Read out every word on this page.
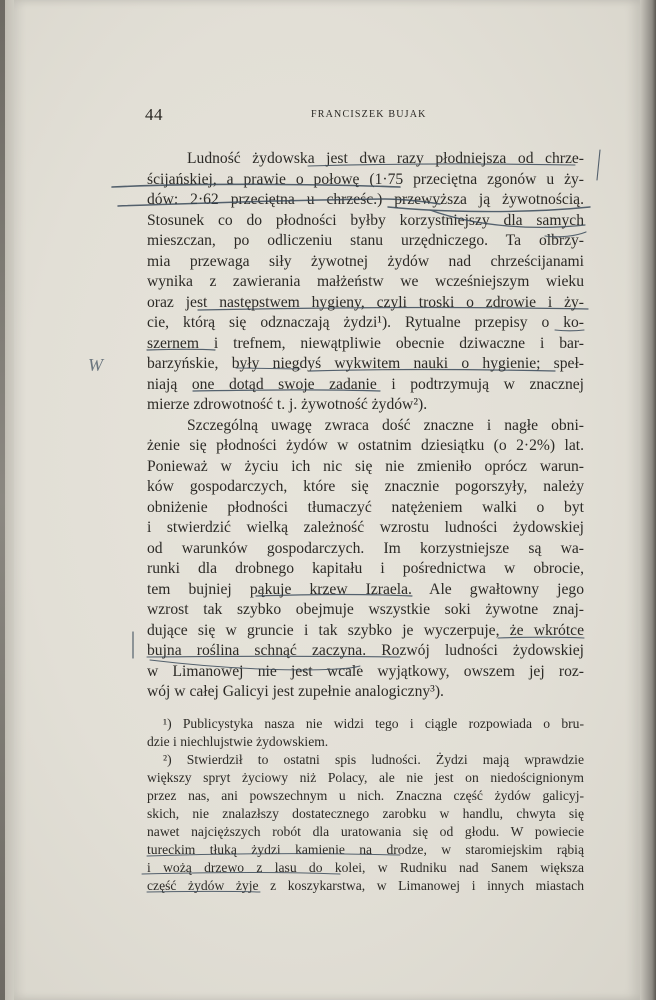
44	FRANCISZEK BUJAK
Ludność żydowska jest dwa razy płodniejsza od chrze-
ścijańskiej, a prawie o połowę (1·75 przeciętna zgonów u ży-
dów: 2·62 przeciętna u chrześc.) przewyższa ją żywotnością.
Stosunek co do płodności byłby korzystniejszy dla samych
mieszczan, po odliczeniu stanu urzędniczego. Ta olbrzy-
mia przewaga siły żywotnej żydów nad chrześcijanami
wynika z zawierania małżeństw we wcześniejszym wieku
oraz jest następstwem hygieny, czyli troski o zdrowie i ży-
cie, którą się odznaczają żydzi¹). Rytualne przepisy o ko-
szernem i trefnem, niewątpliwie obecnie dziwaczne i bar-
barzyńskie, były niegdyś wykwitem nauki o hygienie; speł-
niają one dotąd swoje zadanie i podtrzymują w znacznej
mierze zdrowotność t. j. żywotność żydów²).
Szczególną uwagę zwraca dość znaczne i nagłe obni-
żenie się płodności żydów w ostatnim dziesiątku (o 2·2%) lat.
Ponieważ w życiu ich nic się nie zmieniło oprócz warun-
ków gospodarczych, które się znacznie pogorszyły, należy
obniżenie płodności tłumaczyć natężeniem walki o byt
i stwierdzić wielką zależność wzrostu ludności żydowskiej
od warunków gospodarczych. Im korzystniejsze są wa-
runki dla drobnego kapitału i pośrednictwa w obrocie,
tem bujniej pąkuje krzew Izraela. Ale gwałtowny jego
wzrost tak szybko obejmuje wszystkie soki żywotne znaj-
dujące się w gruncie i tak szybko je wyczerpuje, że wkrótce
bujna roślina schnąć zaczyna. Rozwój ludności żydowskiej
w Limanowej nie jest wcale wyjątkowy, owszem jej roz-
wój w całej Galicyi jest zupełnie analogiczny³).
¹) Publicystyka nasza nie widzi tego i ciągle rozpowiada o bru-
dzie i niechlujstwie żydowskiem.
²) Stwierdził to ostatni spis ludności. Żydzi mają wprawdzie
większy spryt życiowy niż Polacy, ale nie jest on niedoścignionym
przez nas, ani powszechnym u nich. Znaczna część żydów galicyj-
skich, nie znalazłszy dostatecznego zarobku w handlu, chwyta się
nawet najcięższych robót dla uratowania się od głodu. W powiecie
tureckim tłuką żydzi kamienie na drodze, w staromiejskim rąbią
i wożą drzewo z lasu do kolei, w Rudniku nad Sanem większa
część żydów żyje z koszykarstwa, w Limanowej i innych miastach
W
